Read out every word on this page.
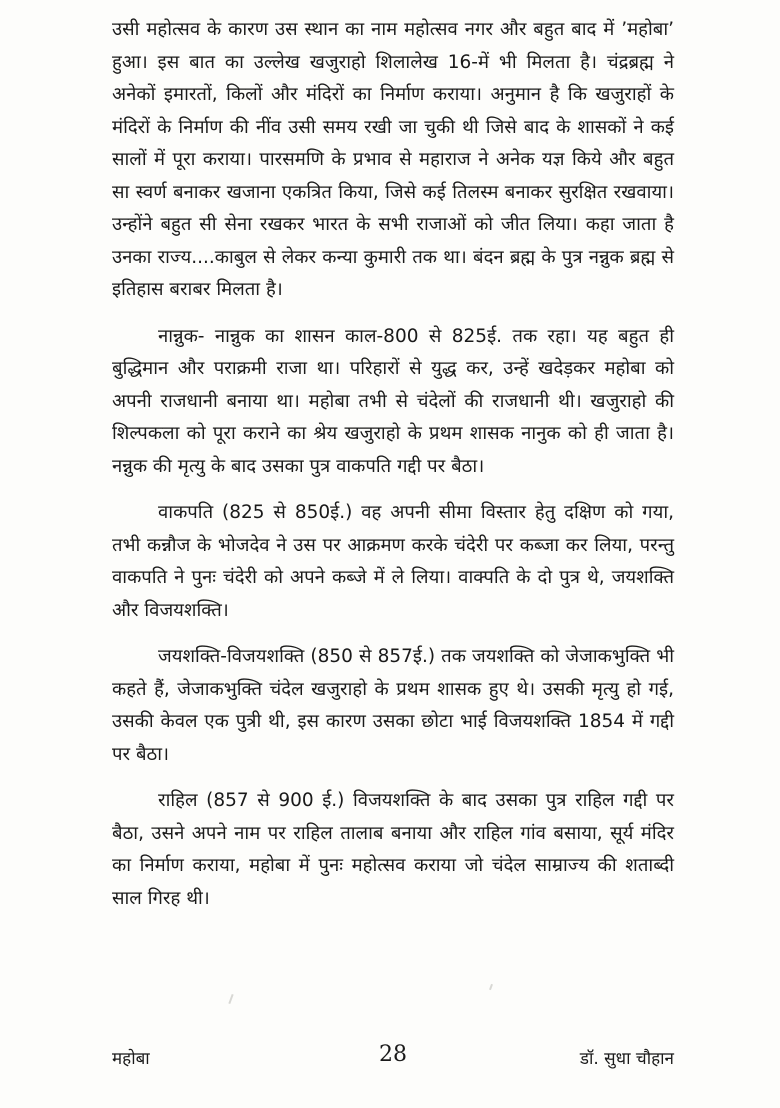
उसी महोत्सव के कारण उस स्थान का नाम महोत्सव नगर और बहुत बाद में ’महोबा’ हुआ। इस बात का उल्लेख खजुराहो शिलालेख 16-में भी मिलता है। चंद्रब्रह्म ने अनेकों इमारतों, किलों और मंदिरों का निर्माण कराया। अनुमान है कि खजुराहों के मंदिरों के निर्माण की नींव उसी समय रखी जा चुकी थी जिसे बाद के शासकों ने कई सालों में पूरा कराया। पारसमणि के प्रभाव से महाराज ने अनेक यज्ञ किये और बहुत सा स्वर्ण बनाकर खजाना एकत्रित किया, जिसे कई तिलस्म बनाकर सुरक्षित रखवाया। उन्होंने बहुत सी सेना रखकर भारत के सभी राजाओं को जीत लिया। कहा जाता है उनका राज्य....काबुल से लेकर कन्या कुमारी तक था। बंदन ब्रह्म के पुत्र नन्नुक ब्रह्म से इतिहास बराबर मिलता है।

नान्नुक- नान्नुक का शासन काल-800 से 825ई. तक रहा। यह बहुत ही बुद्धिमान और पराक्रमी राजा था। परिहारों से युद्ध कर, उन्हें खदेड़कर महोबा को अपनी राजधानी बनाया था। महोबा तभी से चंदेलों की राजधानी थी। खजुराहो की शिल्पकला को पूरा कराने का श्रेय खजुराहो के प्रथम शासक नानुक को ही जाता है। नन्नुक की मृत्यु के बाद उसका पुत्र वाकपति गद्दी पर बैठा।

वाकपति (825 से 850ई.) वह अपनी सीमा विस्तार हेतु दक्षिण को गया, तभी कन्नौज के भोजदेव ने उस पर आक्रमण करके चंदेरी पर कब्जा कर लिया, परन्तु वाकपति ने पुनः चंदेरी को अपने कब्जे में ले लिया। वाक्पति के दो पुत्र थे, जयशक्ति और विजयशक्ति।

जयशक्ति-विजयशक्ति (850 से 857ई.) तक जयशक्ति को जेजाकभुक्ति भी कहते हैं, जेजाकभुक्ति चंदेल खजुराहो के प्रथम शासक हुए थे। उसकी मृत्यु हो गई, उसकी केवल एक पुत्री थी, इस कारण उसका छोटा भाई विजयशक्ति 1854 में गद्दी पर बैठा।

राहिल (857 से 900 ई.) विजयशक्ति के बाद उसका पुत्र राहिल गद्दी पर बैठा, उसने अपने नाम पर राहिल तालाब बनाया और राहिल गांव बसाया, सूर्य मंदिर का निर्माण कराया, महोबा में पुनः महोत्सव कराया जो चंदेल साम्राज्य की शताब्दी साल गिरह थी।

महोबा	28	डॉ. सुधा चौहान
